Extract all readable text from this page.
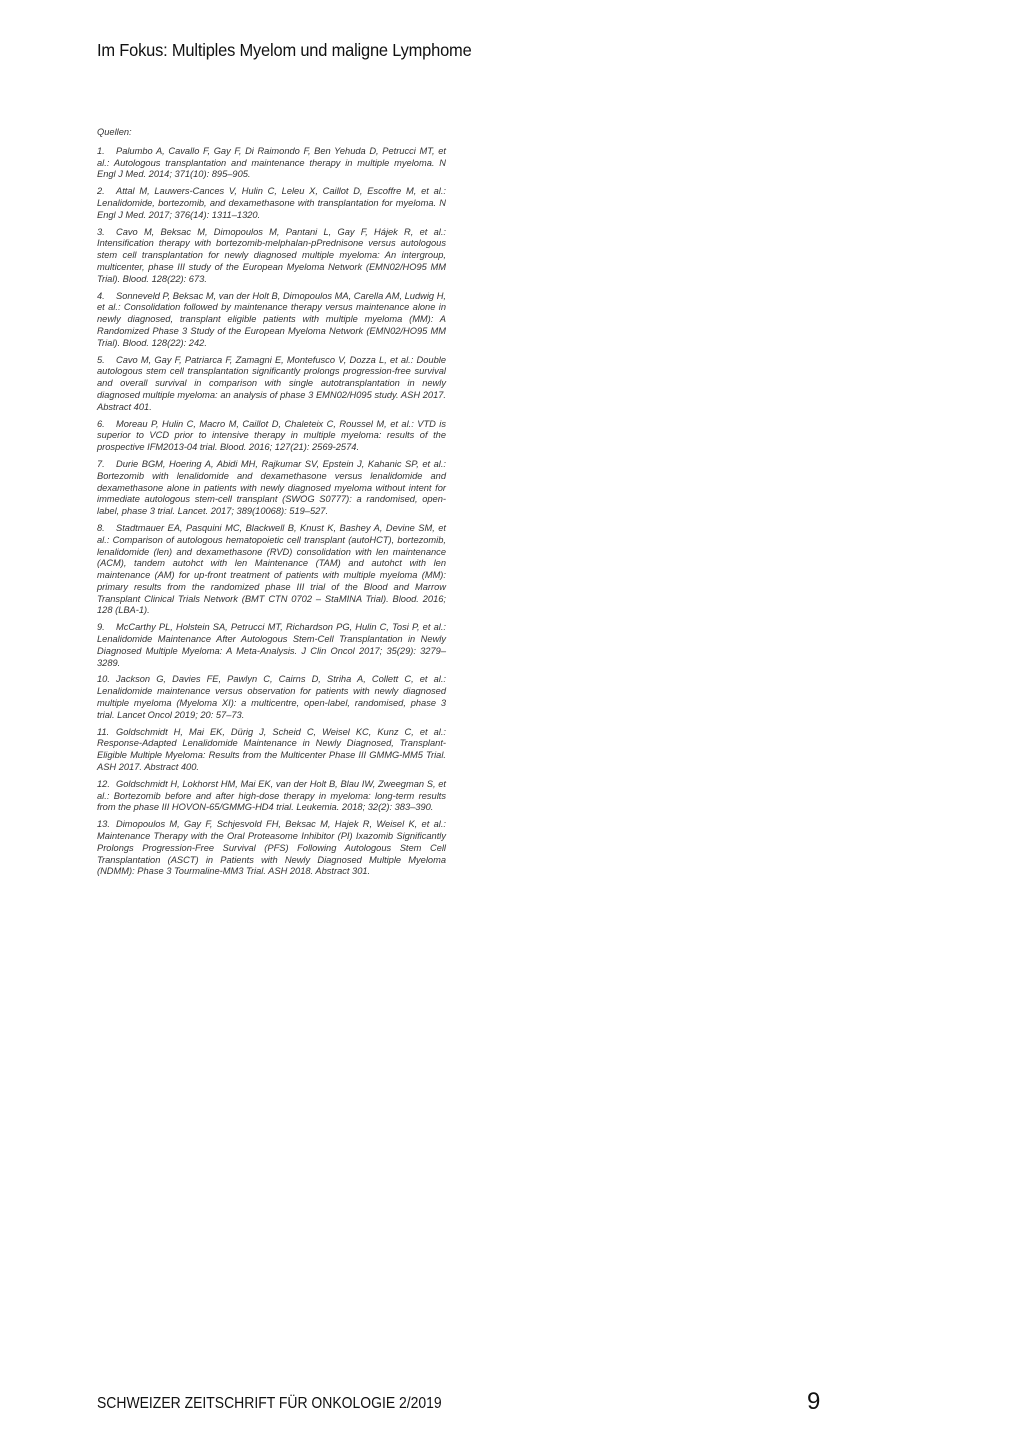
Im Fokus: Multiples Myelom und maligne Lymphome
Quellen:

1. Palumbo A, Cavallo F, Gay F, Di Raimondo F, Ben Yehuda D, Petrucci MT, et al.: Autologous transplantation and maintenance therapy in multiple myeloma. N Engl J Med. 2014; 371(10): 895–905.

2. Attal M, Lauwers-Cances V, Hulin C, Leleu X, Caillot D, Escoffre M, et al.: Lenalidomide, bortezomib, and dexamethasone with transplantation for myeloma. N Engl J Med. 2017; 376(14): 1311–1320.

3. Cavo M, Beksac M, Dimopoulos M, Pantani L, Gay F, Hájek R, et al.: Intensification therapy with bortezomib-melphalan-pPrednisone versus autologous stem cell transplantation for newly diagnosed multiple myeloma: An intergroup, multicenter, phase III study of the European Myeloma Network (EMN02/HO95 MM Trial). Blood. 128(22): 673.

4. Sonneveld P, Beksac M, van der Holt B, Dimopoulos MA, Carella AM, Ludwig H, et al.: Consolidation followed by maintenance therapy versus maintenance alone in newly diagnosed, transplant eligible patients with multiple myeloma (MM): A Randomized Phase 3 Study of the European Myeloma Network (EMN02/HO95 MM Trial). Blood. 128(22): 242.

5. Cavo M, Gay F, Patriarca F, Zamagni E, Montefusco V, Dozza L, et al.: Double autologous stem cell transplantation significantly prolongs progression-free survival and overall survival in comparison with single autotransplantation in newly diagnosed multiple myeloma: an analysis of phase 3 EMN02/H095 study. ASH 2017. Abstract 401.

6. Moreau P, Hulin C, Macro M, Caillot D, Chaleteix C, Roussel M, et al.: VTD is superior to VCD prior to intensive therapy in multiple myeloma: results of the prospective IFM2013-04 trial. Blood. 2016; 127(21): 2569-2574.

7. Durie BGM, Hoering A, Abidi MH, Rajkumar SV, Epstein J, Kahanic SP, et al.: Bortezomib with lenalidomide and dexamethasone versus lenalidomide and dexamethasone alone in patients with newly diagnosed myeloma without intent for immediate autologous stem-cell transplant (SWOG S0777): a randomised, open-label, phase 3 trial. Lancet. 2017; 389(10068): 519–527.

8. Stadtmauer EA, Pasquini MC, Blackwell B, Knust K, Bashey A, Devine SM, et al.: Comparison of autologous hematopoietic cell transplant (autoHCT), bortezomib, lenalidomide (len) and dexamethasone (RVD) consolidation with len maintenance (ACM), tandem autohct with len Maintenance (TAM) and autohct with len maintenance (AM) for up-front treatment of patients with multiple myeloma (MM): primary results from the randomized phase III trial of the Blood and Marrow Transplant Clinical Trials Network (BMT CTN 0702 – StaMINA Trial). Blood. 2016; 128 (LBA-1).

9. McCarthy PL, Holstein SA, Petrucci MT, Richardson PG, Hulin C, Tosi P, et al.: Lenalidomide Maintenance After Autologous Stem-Cell Transplantation in Newly Diagnosed Multiple Myeloma: A Meta-Analysis. J Clin Oncol 2017; 35(29): 3279–3289.

10. Jackson G, Davies FE, Pawlyn C, Cairns D, Striha A, Collett C, et al.: Lenalidomide maintenance versus observation for patients with newly diagnosed multiple myeloma (Myeloma XI): a multicentre, open-label, randomised, phase 3 trial. Lancet Oncol 2019; 20: 57–73.

11. Goldschmidt H, Mai EK, Dürig J, Scheid C, Weisel KC, Kunz C, et al.: Response-Adapted Lenalidomide Maintenance in Newly Diagnosed, Transplant-Eligible Multiple Myeloma: Results from the Multicenter Phase III GMMG-MM5 Trial. ASH 2017. Abstract 400.

12. Goldschmidt H, Lokhorst HM, Mai EK, van der Holt B, Blau IW, Zweegman S, et al.: Bortezomib before and after high-dose therapy in myeloma: long-term results from the phase III HOVON-65/GMMG-HD4 trial. Leukemia. 2018; 32(2): 383–390.

13. Dimopoulos M, Gay F, Schjesvold FH, Beksac M, Hajek R, Weisel K, et al.: Maintenance Therapy with the Oral Proteasome Inhibitor (PI) Ixazomib Significantly Prolongs Progression-Free Survival (PFS) Following Autologous Stem Cell Transplantation (ASCT) in Patients with Newly Diagnosed Multiple Myeloma (NDMM): Phase 3 Tourmaline-MM3 Trial. ASH 2018. Abstract 301.

SCHWEIZER ZEITSCHRIFT FÜR ONKOLOGIE 2/2019	9
